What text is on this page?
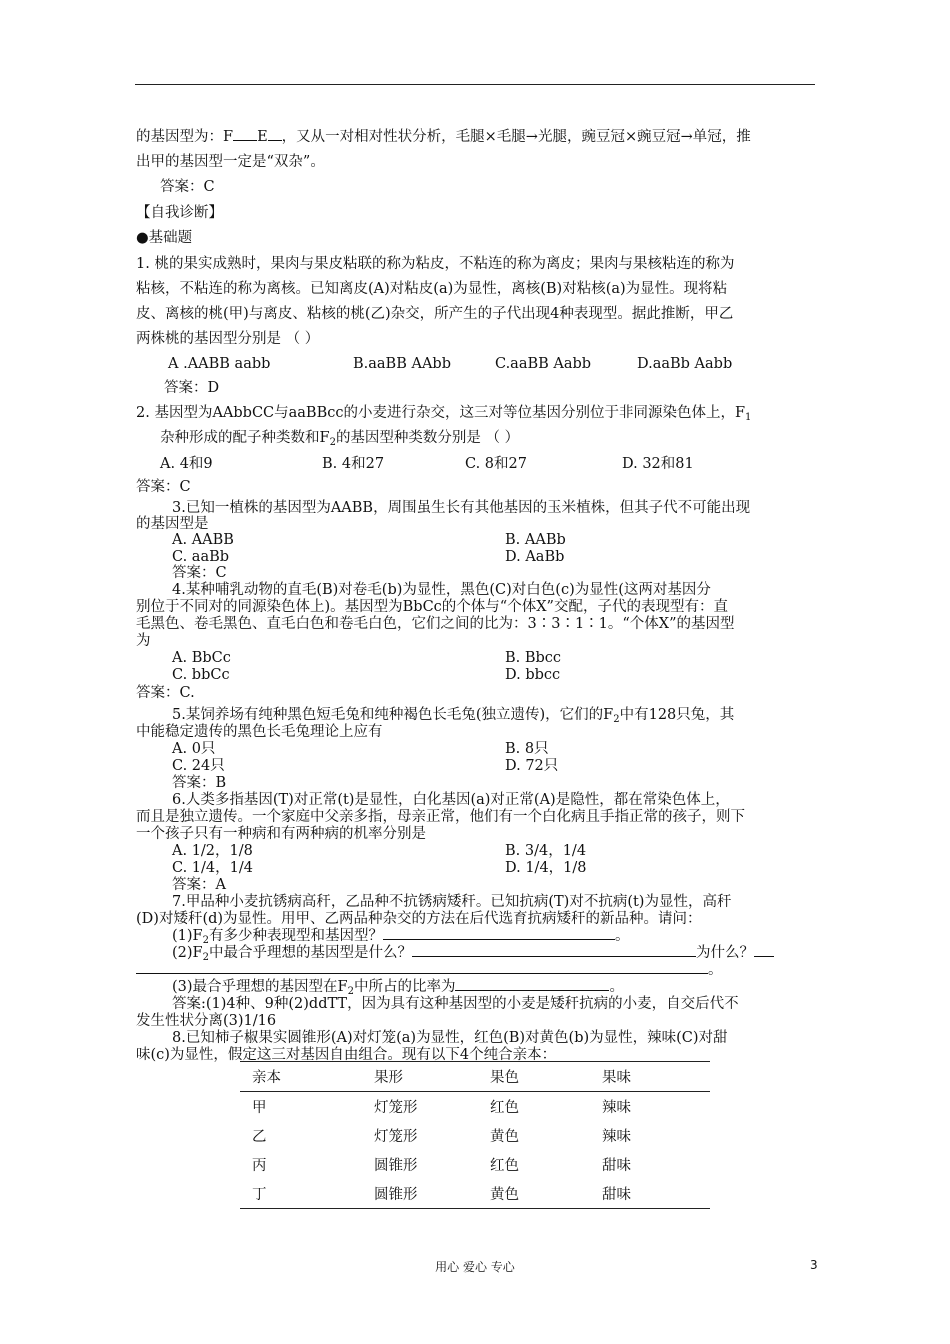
的基因型为：F E ，又从一对相对性状分析，毛腿×毛腿→光腿，豌豆冠×豌豆冠→单冠，推
出甲的基因型一定是“双杂”。
答案：C
【自我诊断】
●基础题
1. 桃的果实成熟时，果肉与果皮粘联的称为粘皮，不粘连的称为离皮；果肉与果核粘连的称为
粘核，不粘连的称为离核。已知离皮(A)对粘皮(a)为显性，离核(B)对粘核(a)为显性。现将粘
皮、离核的桃(甲)与离皮、粘核的桃(乙)杂交，所产生的子代出现4种表现型。据此推断，甲乙
两株桃的基因型分别是 （ ）
A .AABB aabb	B.aaBB AAbb	C.aaBB Aabb	D.aaBb Aabb
答案：D
2. 基因型为AAbbCC与aaBBcc的小麦进行杂交，这三对等位基因分别位于非同源染色体上，$F_1$
杂种形成的配子种类数和$F_2$的基因型种类数分别是 （ ）
A. 4和9	B. 4和27	C. 8和27	D. 32和81
答案：C
3.已知一植株的基因型为AABB，周围虽生长有其他基因的玉米植株，但其子代不可能出现
的基因型是
A. AABB	B. AABb
C. aaBb	D. AaBb
答案：C
4.某种哺乳动物的直毛(B)对卷毛(b)为显性，黑色(C)对白色(c)为显性(这两对基因分
别位于不同对的同源染色体上)。基因型为BbCc的个体与“个体X”交配，子代的表现型有：直
毛黑色、卷毛黑色、直毛白色和卷毛白色，它们之间的比为：3∶3∶1∶1。“个体X”的基因型
为
A. BbCc	B. Bbcc
C. bbCc	D. bbcc
答案：C.
5.某饲养场有纯种黑色短毛兔和纯种褐色长毛兔(独立遗传)，它们的$F_2$中有128只兔，其
中能稳定遗传的黑色长毛兔理论上应有
A. 0只	B. 8只
C. 24只	D. 72只
答案：B
6.人类多指基因(T)对正常(t)是显性，白化基因(a)对正常(A)是隐性，都在常染色体上，
而且是独立遗传。一个家庭中父亲多指，母亲正常，他们有一个白化病且手指正常的孩子，则下
一个孩子只有一种病和有两种病的机率分别是
A. 1/2，1/8	B. 3/4，1/4
C. 1/4，1/4	D. 1/4，1/8
答案：A
7.甲品种小麦抗锈病高秆，乙品种不抗锈病矮秆。已知抗病(T)对不抗病(t)为显性，高秆
(D)对矮秆(d)为显性。用甲、乙两品种杂交的方法在后代选育抗病矮秆的新品种。请问：
$(1)F_2$有多少种表现型和基因型？	。
$(2)F_2$中最合乎理想的基因型是什么？	为什么？
。
(3)最合乎理想的基因型在$F_2$中所占的比率为	。
答案:(1)4种、9种(2)ddTT，因为具有这种基因型的小麦是矮秆抗病的小麦，自交后代不
发生性状分离(3)1/16
8.已知柿子椒果实圆锥形(A)对灯笼(a)为显性，红色(B)对黄色(b)为显性，辣味(C)对甜
味(c)为显性，假定这三对基因自由组合。现有以下4个纯合亲本：
亲本	果形	果色	果味
甲	灯笼形	红色	辣味
乙	灯笼形	黄色	辣味
丙	圆锥形	红色	甜味
丁	圆锥形	黄色	甜味
用心 爱心 专心	3
